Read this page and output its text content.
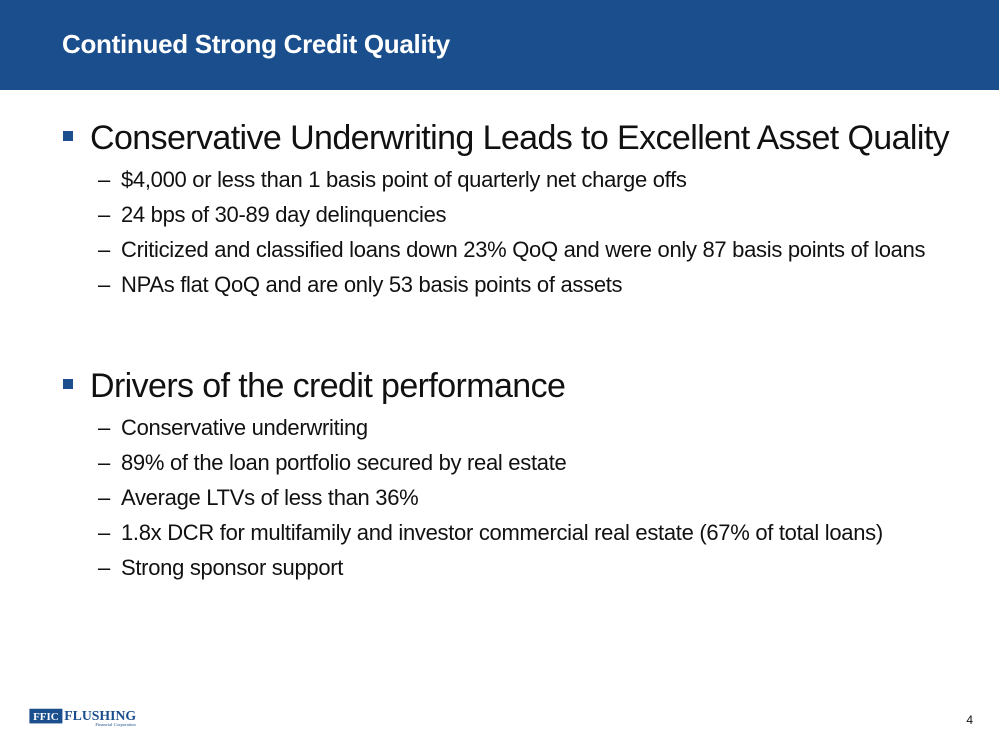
Continued Strong Credit Quality
Conservative Underwriting Leads to Excellent Asset Quality
– $4,000 or less than 1 basis point of quarterly net charge offs
– 24 bps of 30-89 day delinquencies
– Criticized and classified loans down 23% QoQ and were only 87 basis points of loans
– NPAs flat QoQ and are only 53 basis points of assets
Drivers of the credit performance
– Conservative underwriting
– 89% of the loan portfolio secured by real estate
– Average LTVs of less than 36%
– 1.8x DCR for multifamily and investor commercial real estate (67% of total loans)
– Strong sponsor support
FFIC FLUSHING
Financial Corporation	4
